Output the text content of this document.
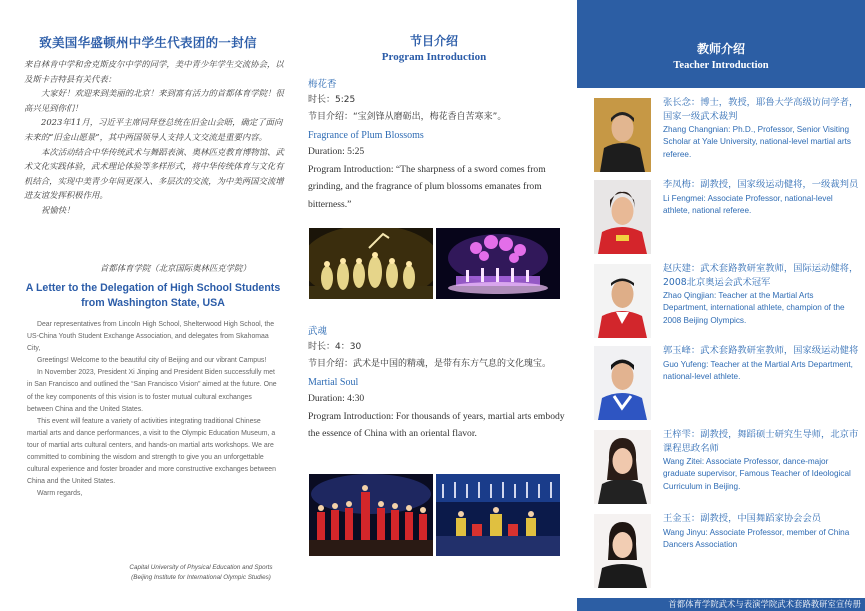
致美国华盛顿州中学生代表团的一封信

来自林肯中学和舍克斯皮尔中学的同学，美中青少年学生交流协会，以及斯卡吉特县有关代表：

大家好！欢迎来到美丽的北京！来到富有活力的首都体育学院！很高兴见到你们！

2023年11月，习近平主席同拜登总统在旧金山会晤，确定了面向未来的“旧金山愿景”，其中两国领导人支持人文交流是重要内容。

本次活动结合中华传统武术与舞蹈表演、奥林匹克教育博物馆、武术文化实践体验，武术理论体验等多样形式，将中华传统体育与文化有机结合，实现中美青少年间更深入、多层次的交流，为中美两国交流增进友谊发挥积极作用。

祝愉快！

首都体育学院（北京国际奥林匹克学院）
A Letter to the Delegation of High School Students from Washington State, USA

Dear representatives from Lincoln High School, Shelterwood High School, the US-China Youth Student Exchange Association, and delegates from Skahomaa City,

Greetings! Welcome to the beautiful city of Beijing and our vibrant Campus!

In November 2023, President Xi Jinping and President Biden successfully met in San Francisco and outlined the “San Francisco Vision” aimed at the future. One of the key components of this vision is to foster mutual cultural exchanges between China and the United States.

This event will feature a variety of activities integrating traditional Chinese martial arts and dance performances, a visit to the Olympic Education Museum, a tour of martial arts cultural centers, and hands-on martial arts workshops. We are committed to combining the wisdom and strength to give you an unforgettable cultural experience and foster broader and more constructive exchanges between China and the United States.

Warm regards,

Capital University of Physical Education and Sports
(Beijing Institute for International Olympic Studies)
节目介绍
Program Introduction
梅花香
时长：5:25
节目介绍：“宝剑锋从磨砺出，梅花香自苦寒来”。
Fragrance of Plum Blossoms
Duration: 5:25
Program Introduction: “The sharpness of a sword comes from grinding, and the fragrance of plum blossoms emanates from bitterness.”
武魂
时长：4：30
节目介绍：武术是中国的精魂，是带有东方气息的文化瑰宝。
Martial Soul
Duration: 4:30
Program Introduction: For thousands of years, martial arts embody the essence of China with an oriental flavor.
教师介绍
Teacher Introduction
张长念：博士，教授，耶鲁大学高级访问学者，国家一级武术裁判
Zhang Changnian: Ph.D., Professor, Senior Visiting Scholar at Yale University, national-level martial arts referee.
李凤梅：副教授，国家级运动健将，一级裁判员
Li Fengmei: Associate Professor, national-level athlete, national referee.
赵庆建：武术套路教研室教师，国际运动健将，2008北京奥运会武术冠军
Zhao Qingjian: Teacher at the Martial Arts Department, international athlete, champion of the 2008 Beijing Olympics.
郭玉峰：武术套路教研室教师，国家级运动健将
Guo Yufeng: Teacher at the Martial Arts Department, national-level athlete.
王梓雫：副教授，舞蹈硕士研究生导师，北京市课程思政名师
Wang Zitei: Associate Professor, dance-major graduate supervisor, Famous Teacher of Ideological Curriculum in Beijing.
王金玉：副教授，中国舞蹈家协会会员
Wang Jinyu: Associate Professor, member of China Dancers Association
首都体育学院武术与表演学院武术套路教研室宣传册
